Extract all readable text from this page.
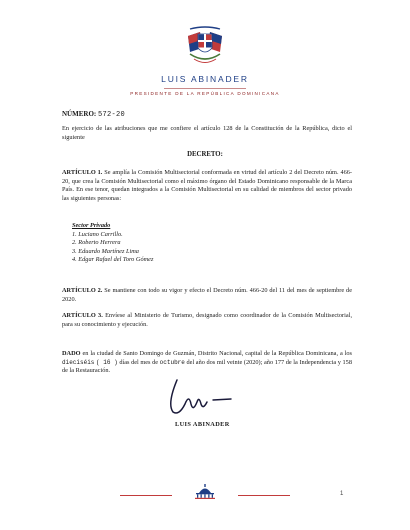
LUIS ABINADER
PRESIDENTE DE LA REPÚBLICA DOMINICANA
NÚMERO: 572-20
En ejercicio de las atribuciones que me confiere el artículo 128 de la Constitución de la República, dicto el siguiente
DECRETO:
ARTÍCULO 1. Se amplía la Comisión Multisectorial conformada en virtud del artículo 2 del Decreto núm. 466-20, que crea la Comisión Multisectorial como el máximo órgano del Estado Dominicano responsable de la Marca País. En ese tenor, quedan integrados a la Comisión Multisectorial en su calidad de miembros del sector privado las siguientes personas:
Sector Privado
1. Luciano Carrillo.
2. Roberto Herrera
3. Eduardo Martínez Lima
4. Edgar Rafael del Toro Gómez
ARTÍCULO 2. Se mantiene con todo su vigor y efecto el Decreto núm. 466-20 del 11 del mes de septiembre de 2020.
ARTÍCULO 3. Envíese al Ministerio de Turismo, designado como coordinador de la Comisión Multisectorial, para su conocimiento y ejecución.
DADO en la ciudad de Santo Domingo de Guzmán, Distrito Nacional, capital de la República Dominicana, a los dieciséis ( 16 ) días del mes de octubre del año dos mil veinte (2020); año 177 de la Independencia y 158 de la Restauración.
LUIS ABINADER
1
